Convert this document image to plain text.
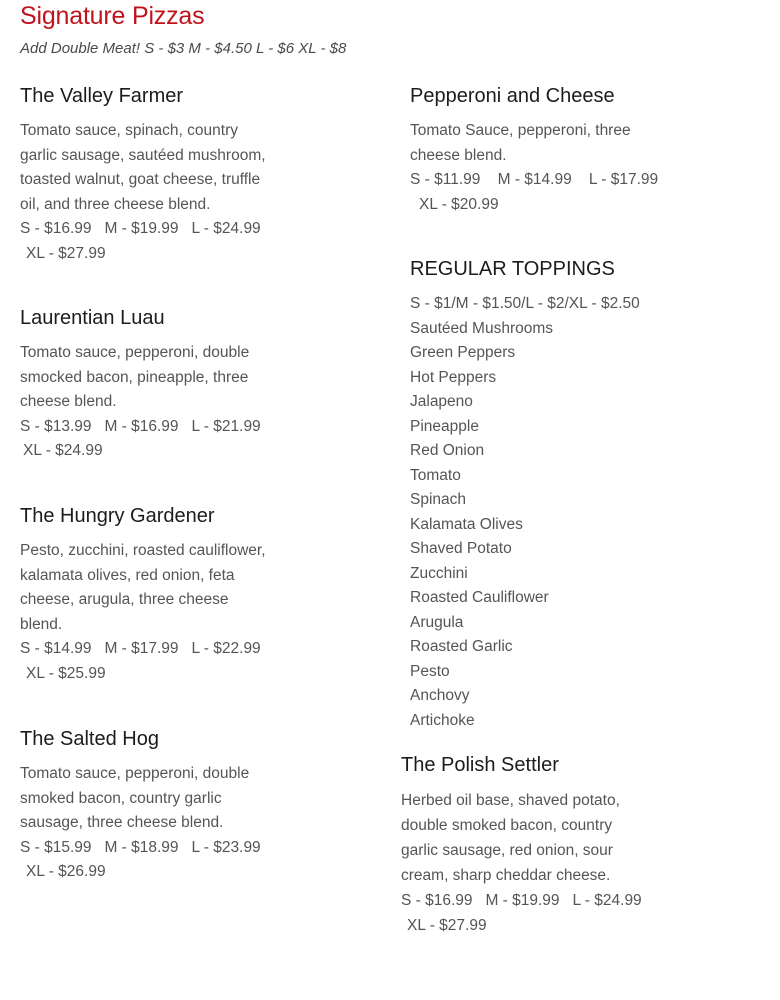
Signature Pizzas

Add Double Meat! S - $3 M - $4.50 L - $6 XL - $8

The Valley Farmer

Tomato sauce, spinach, country

garlic sausage, sautéed mushroom,

toasted walnut, goat cheese, truffle

oil, and three cheese blend.

S - $16.99   M - $19.99   L - $24.99

XL - $27.99

Laurentian Luau

Tomato sauce, pepperoni, double

smocked bacon, pineapple, three

cheese blend.

S - $13.99   M - $16.99   L - $21.99

XL - $24.99

The Hungry Gardener

Pesto, zucchini, roasted cauliflower,

kalamata olives, red onion, feta

cheese, arugula, three cheese

blend.

S - $14.99   M - $17.99   L - $22.99

XL - $25.99

The Salted Hog

Tomato sauce, pepperoni, double

smoked bacon, country garlic

sausage, three cheese blend.

S - $15.99   M - $18.99   L - $23.99

XL - $26.99

Pepperoni and Cheese

Tomato Sauce, pepperoni, three

cheese blend.

S - $11.99    M - $14.99    L - $17.99

XL - $20.99

REGULAR TOPPINGS
S - $1/M - $1.50/L - $2/XL - $2.50
Sautéed Mushrooms
Green Peppers
Hot Peppers
Jalapeno
Pineapple
Red Onion
Tomato
Spinach
Kalamata Olives
Shaved Potato
Zucchini
Roasted Cauliflower
Arugula
Roasted Garlic
Pesto
Anchovy
Artichoke
The Polish Settler

Herbed oil base, shaved potato,

double smoked bacon, country

garlic sausage, red onion, sour

cream, sharp cheddar cheese.

S - $16.99   M - $19.99   L - $24.99

XL - $27.99
